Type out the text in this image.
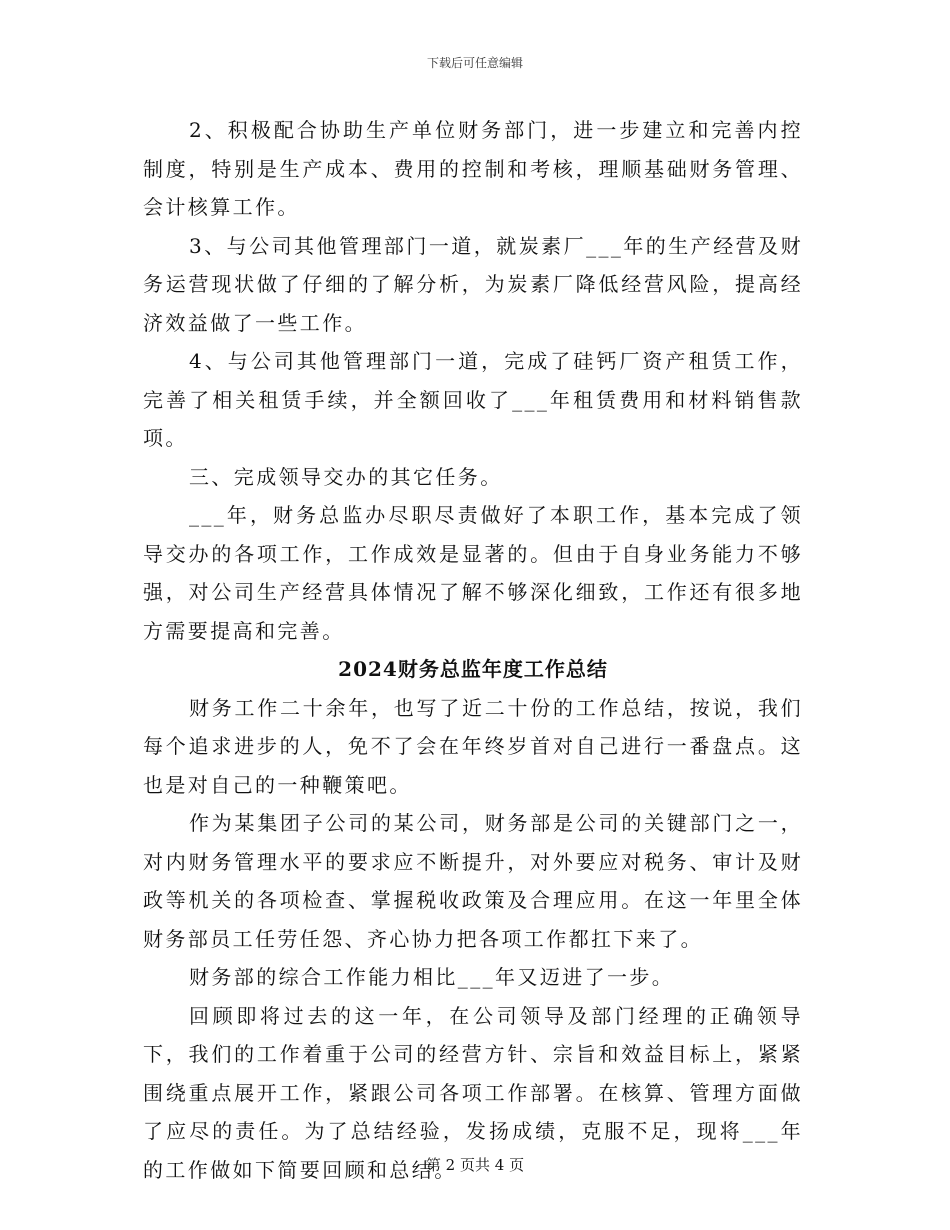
下载后可任意编辑

2、积极配合协助生产单位财务部门，进一步建立和完善内控制度，特别是生产成本、费用的控制和考核，理顺基础财务管理、会计核算工作。

3、与公司其他管理部门一道，就炭素厂___年的生产经营及财务运营现状做了仔细的了解分析，为炭素厂降低经营风险，提高经济效益做了一些工作。

4、与公司其他管理部门一道，完成了硅钙厂资产租赁工作，完善了相关租赁手续，并全额回收了___年租赁费用和材料销售款项。

三、完成领导交办的其它任务。

___年，财务总监办尽职尽责做好了本职工作，基本完成了领导交办的各项工作，工作成效是显著的。但由于自身业务能力不够强，对公司生产经营具体情况了解不够深化细致，工作还有很多地方需要提高和完善。

2024财务总监年度工作总结

财务工作二十余年，也写了近二十份的工作总结，按说，我们每个追求进步的人，免不了会在年终岁首对自己进行一番盘点。这也是对自己的一种鞭策吧。

作为某集团子公司的某公司，财务部是公司的关键部门之一，对内财务管理水平的要求应不断提升，对外要应对税务、审计及财政等机关的各项检查、掌握税收政策及合理应用。在这一年里全体财务部员工任劳任怨、齐心协力把各项工作都扛下来了。

财务部的综合工作能力相比___年又迈进了一步。

回顾即将过去的这一年，在公司领导及部门经理的正确领导下，我们的工作着重于公司的经营方针、宗旨和效益目标上，紧紧围绕重点展开工作，紧跟公司各项工作部署。在核算、管理方面做了应尽的责任。为了总结经验，发扬成绩，克服不足，现将___年的工作做如下简要回顾和总结。

第 2 页共 4 页
